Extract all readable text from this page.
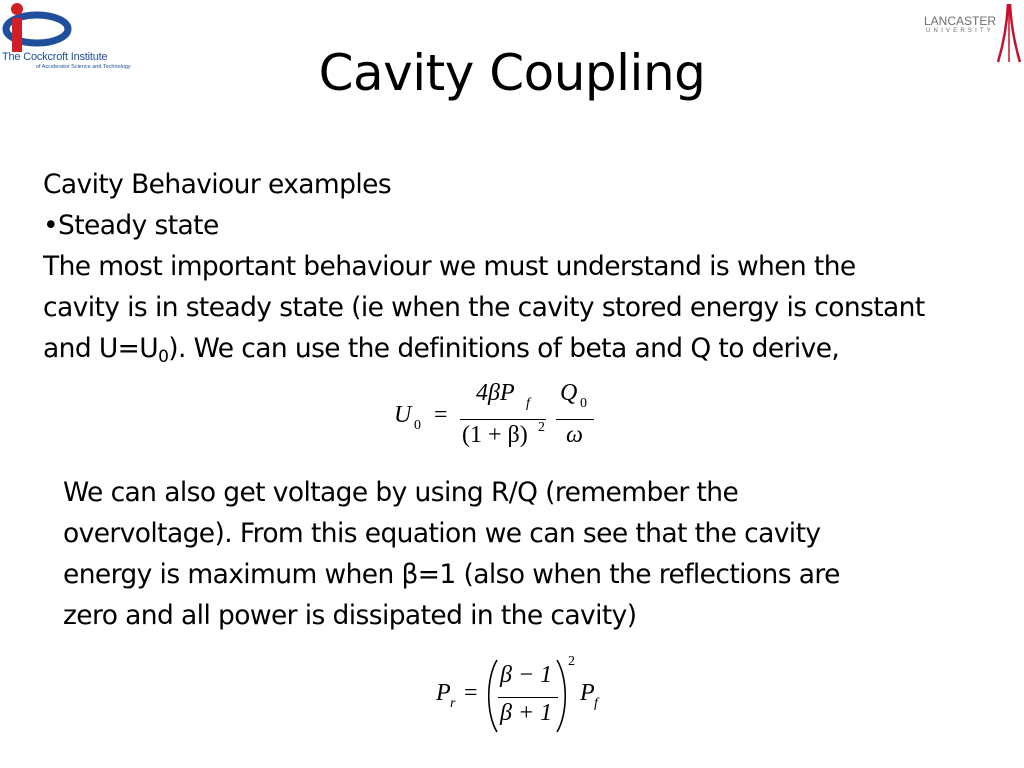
The Cockcroft Institute
of Accelerator Science and Technology
LANCASTER
UNIVERSITY
Cavity Coupling
Cavity Behaviour examples
•Steady state
The most important behaviour we must understand is when the
cavity is in steady state (ie when the cavity stored energy is constant
and $U=U_0$). We can use the definitions of beta and Q to derive,
U 0 =
4βP f
(1 + β) 2
Q 0
ω
We can also get voltage by using R/Q (remember the
overvoltage). From this equation we can see that the cavity
energy is maximum when β=1 (also when the reflections are
zero and all power is dissipated in the cavity)
P r =
β − 1
β + 1
2
P f
